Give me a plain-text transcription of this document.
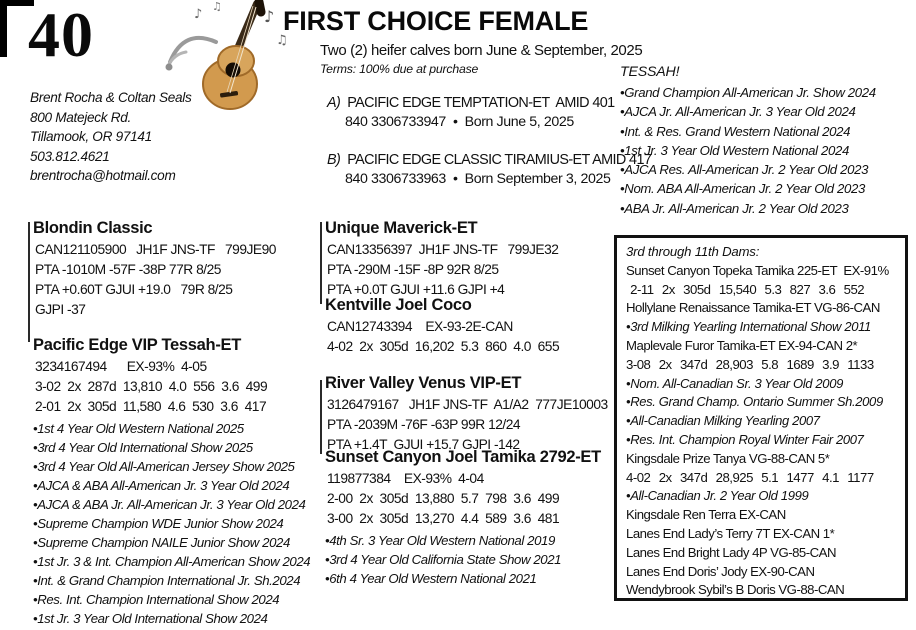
40	♪
♫
♪
♫ FIRST CHOICE FEMALE
Two (2) heifer calves born June & September, 2025
Terms: 100% due at purchase
Brent Rocha & Coltan Seals
800 Matejeck Rd.
Tillamook, OR 97141
503.812.4621
brentrocha@hotmail.com
A) PACIFIC EDGE TEMPTATION-ET  AMID 401
840 3306733947  •  Born June 5, 2025
B) PACIFIC EDGE CLASSIC TIRAMIUS-ET AMID 417
840 3306733963  •  Born September 3, 2025
TESSAH!
•Grand Champion All-American Jr. Show 2024
•AJCA Jr. All-American Jr. 3 Year Old 2024
•Int. & Res. Grand Western National 2024
•1st Jr. 3 Year Old Western National 2024
•AJCA Res. All-American Jr. 2 Year Old 2023
•Nom. ABA All-American Jr. 2 Year Old 2023
•ABA Jr. All-American Jr. 2 Year Old 2023
Blondin Classic
CAN121105900   JH1F JNS-TF   799JE90
PTA -1010M -57F -38P 77R 8/25
PTA +0.60T GJUI +19.0   79R 8/25
GJPI -37
Pacific Edge VIP Tessah-ET
3234167494      EX-93%  4-05
3-02  2x  287d  13,810  4.0  556  3.6  499
2-01  2x  305d  11,580  4.6  530  3.6  417
•1st 4 Year Old Western National 2025
•3rd 4 Year Old International Show 2025
•3rd 4 Year Old All-American Jersey Show 2025
•AJCA & ABA All-American Jr. 3 Year Old 2024
•AJCA & ABA Jr. All-American Jr. 3 Year Old 2024
•Supreme Champion WDE Junior Show 2024
•Supreme Champion NAILE Junior Show 2024
•1st Jr. 3 & Int. Champion All-American Show 2024
•Int. & Grand Champion International Jr. Sh.2024
•Res. Int. Champion International Show 2024
•1st Jr. 3 Year Old International Show 2024
Unique Maverick-ET
CAN13356397  JH1F JNS-TF   799JE32
PTA -290M -15F -8P 92R 8/25
PTA +0.0T GJUI +11.6 GJPI +4
Kentville Joel Coco
CAN12743394    EX-93-2E-CAN
4-02  2x  305d  16,202  5.3  860  4.0  655
River Valley Venus VIP-ET
3126479167   JH1F JNS-TF  A1/A2  777JE10003
PTA -2039M -76F -63P 99R 12/24
PTA +1.4T  GJUI +15.7 GJPI -142
Sunset Canyon Joel Tamika 2792-ET
119877384    EX-93%  4-04
2-00  2x  305d  13,880  5.7  798  3.6  499
3-00  2x  305d  13,270  4.4  589  3.6  481
•4th Sr. 3 Year Old Western National 2019
•3rd 4 Year Old California State Show 2021
•6th 4 Year Old Western National 2021
3rd through 11th Dams:
Sunset Canyon Topeka Tamika 225-ET  EX-91%
2-11  2x  305d  15,540  5.3  827  3.6  552
Hollylane Renaissance Tamika-ET VG-86-CAN
•3rd Milking Yearling International Show 2011
Maplevale Furor Tamika-ET EX-94-CAN 2*
3-08  2x  347d  28,903  5.8  1689  3.9  1133
•Nom. All-Canadian Sr. 3 Year Old 2009
•Res. Grand Champ. Ontario Summer Sh.2009
•All-Canadian Milking Yearling 2007
•Res. Int. Champion Royal Winter Fair 2007
Kingsdale Prize Tanya VG-88-CAN 5*
4-02  2x  347d  28,925  5.1  1477  4.1  1177
•All-Canadian Jr. 2 Year Old 1999
Kingsdale Ren Terra EX-CAN
Lanes End Lady’s Terry 7T EX-CAN 1*
Lanes End Bright Lady 4P VG-85-CAN
Lanes End Doris’ Jody EX-90-CAN
Wendybrook Sybil’s B Doris VG-88-CAN
